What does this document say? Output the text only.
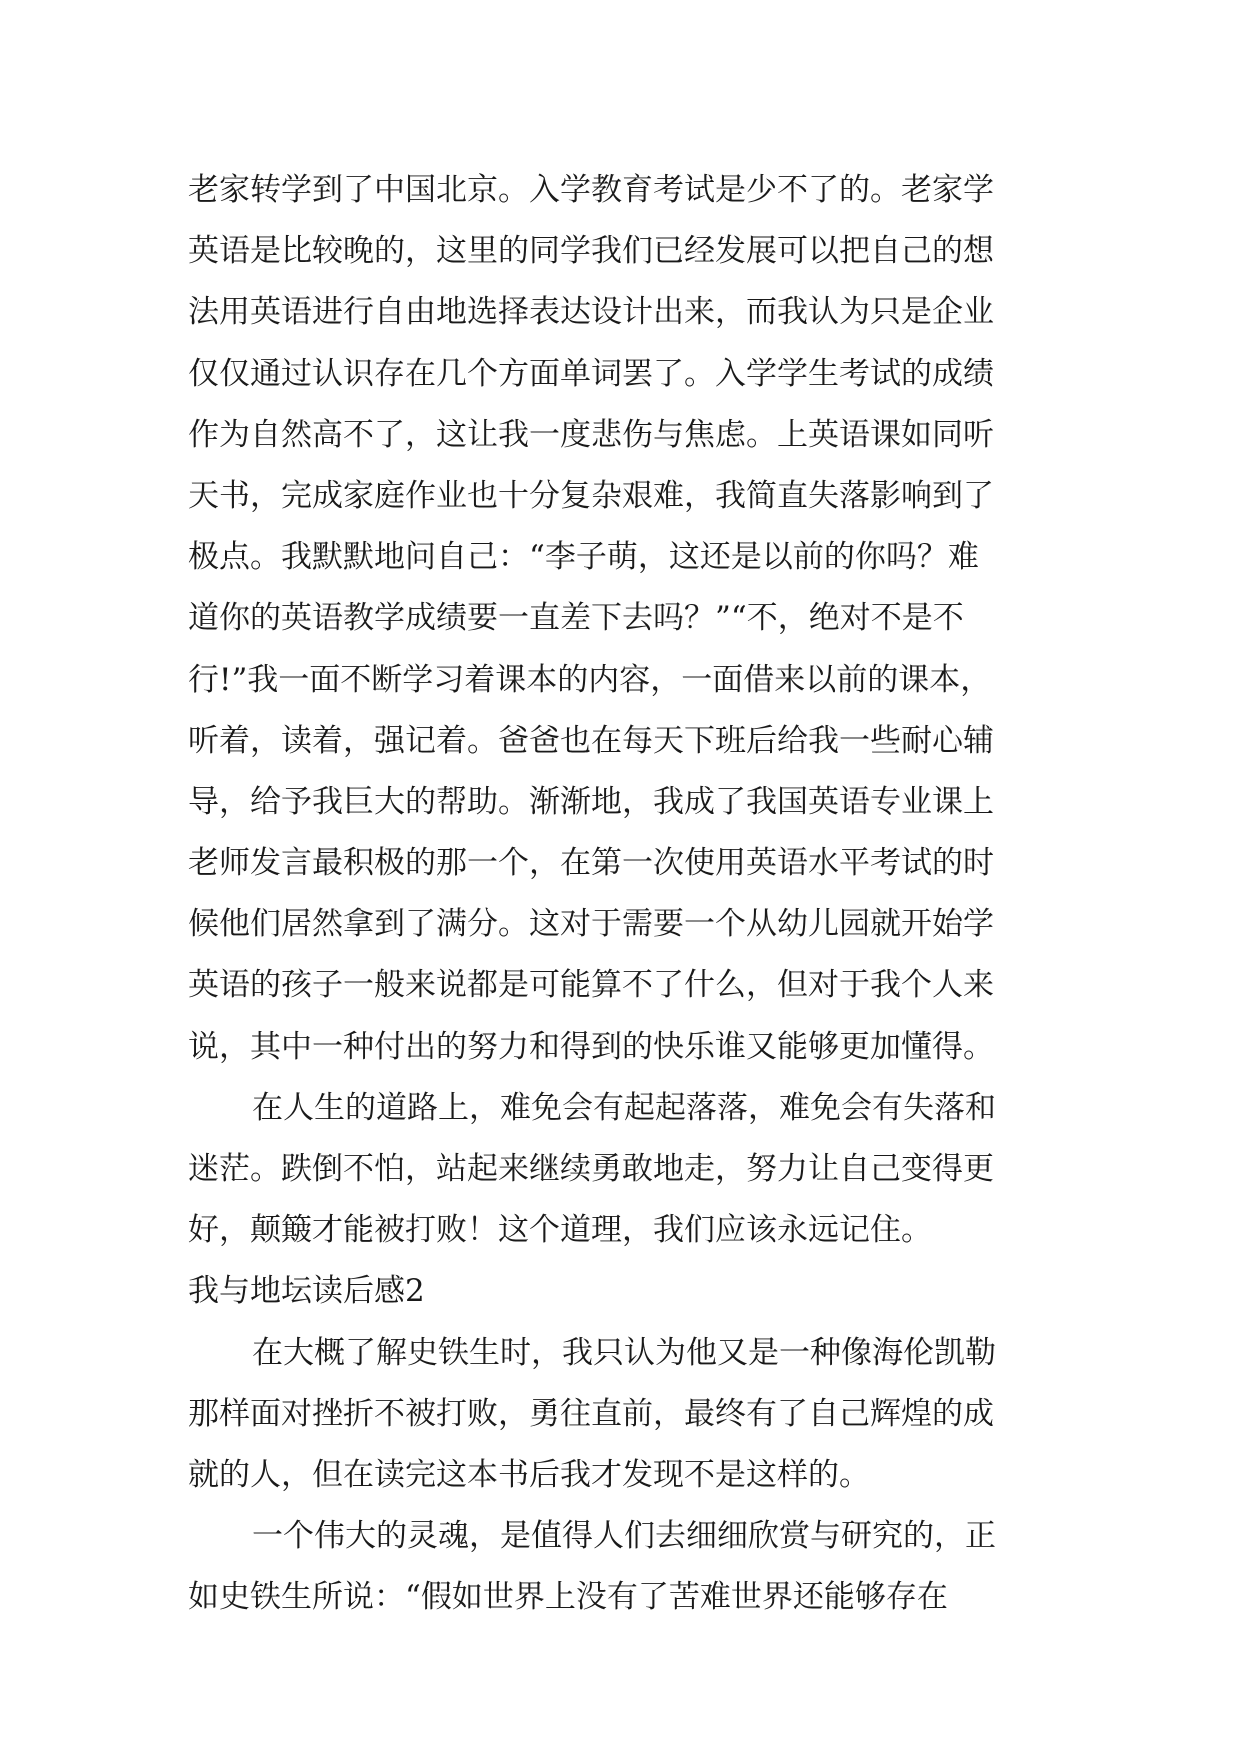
老家转学到了中国北京。入学教育考试是少不了的。老家学
英语是比较晚的，这里的同学我们已经发展可以把自己的想
法用英语进行自由地选择表达设计出来，而我认为只是企业
仅仅通过认识存在几个方面单词罢了。入学学生考试的成绩
作为自然高不了，这让我一度悲伤与焦虑。上英语课如同听
天书，完成家庭作业也十分复杂艰难，我简直失落影响到了
极点。我默默地问自己：“李子萌，这还是以前的你吗？难
道你的英语教学成绩要一直差下去吗？”“不，绝对不是不
行!”我一面不断学习着课本的内容，一面借来以前的课本，
听着，读着，强记着。爸爸也在每天下班后给我一些耐心辅
导，给予我巨大的帮助。渐渐地，我成了我国英语专业课上
老师发言最积极的那一个，在第一次使用英语水平考试的时
候他们居然拿到了满分。这对于需要一个从幼儿园就开始学
英语的孩子一般来说都是可能算不了什么，但对于我个人来
说，其中一种付出的努力和得到的快乐谁又能够更加懂得。
在人生的道路上，难免会有起起落落，难免会有失落和
迷茫。跌倒不怕，站起来继续勇敢地走，努力让自己变得更
好，颠簸才能被打败！这个道理，我们应该永远记住。
我与地坛读后感2
在大概了解史铁生时，我只认为他又是一种像海伦凯勒
那样面对挫折不被打败，勇往直前，最终有了自己辉煌的成
就的人，但在读完这本书后我才发现不是这样的。
一个伟大的灵魂，是值得人们去细细欣赏与研究的，正
如史铁生所说：“假如世界上没有了苦难世界还能够存在
